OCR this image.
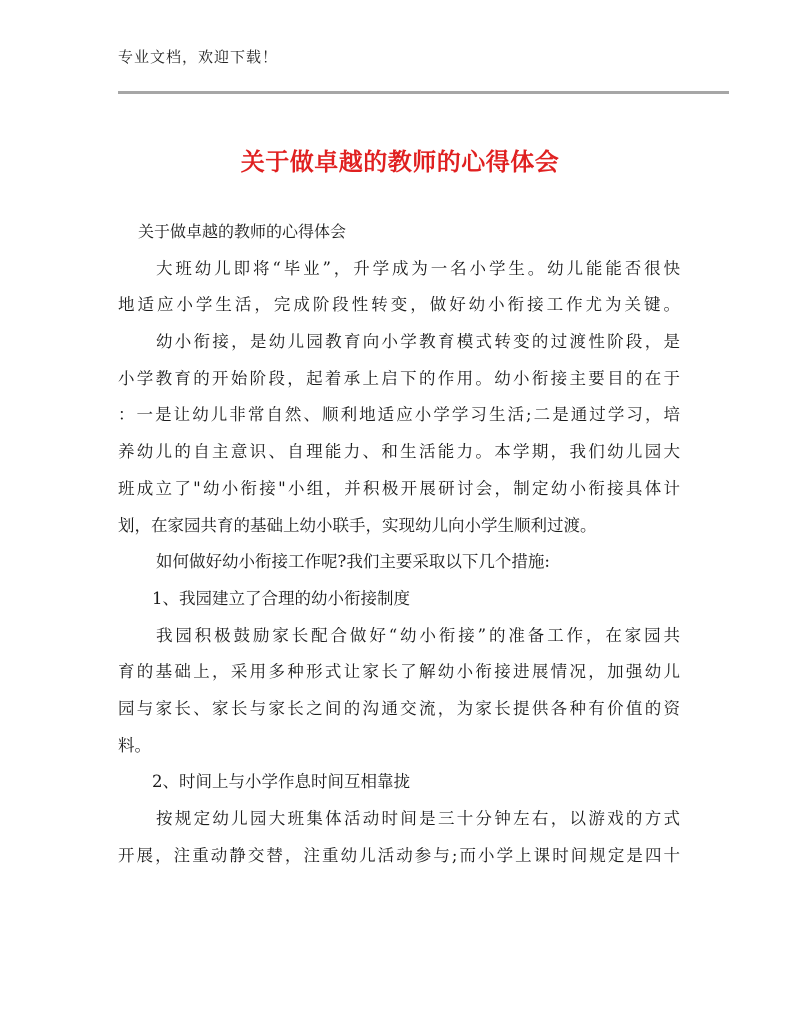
专业文档，欢迎下载！
关于做卓越的教师的心得体会
关于做卓越的教师的心得体会
大班幼儿即将“毕业”，升学成为一名小学生。幼儿能能否很快
地适应小学生活，完成阶段性转变，做好幼小衔接工作尤为关键。
幼小衔接，是幼儿园教育向小学教育模式转变的过渡性阶段，是
小学教育的开始阶段，起着承上启下的作用。幼小衔接主要目的在于
：一是让幼儿非常自然、顺利地适应小学学习生活;二是通过学习，培
养幼儿的自主意识、自理能力、和生活能力。本学期，我们幼儿园大
班成立了"幼小衔接"小组，并积极开展研讨会，制定幼小衔接具体计
划，在家园共育的基础上幼小联手，实现幼儿向小学生顺利过渡。
如何做好幼小衔接工作呢?我们主要采取以下几个措施:
1、我园建立了合理的幼小衔接制度
我园积极鼓励家长配合做好“幼小衔接”的准备工作，在家园共
育的基础上，采用多种形式让家长了解幼小衔接进展情况，加强幼儿
园与家长、家长与家长之间的沟通交流，为家长提供各种有价值的资
料。
2、时间上与小学作息时间互相靠拢
按规定幼儿园大班集体活动时间是三十分钟左右，以游戏的方式
开展，注重动静交替，注重幼儿活动参与;而小学上课时间规定是四十
